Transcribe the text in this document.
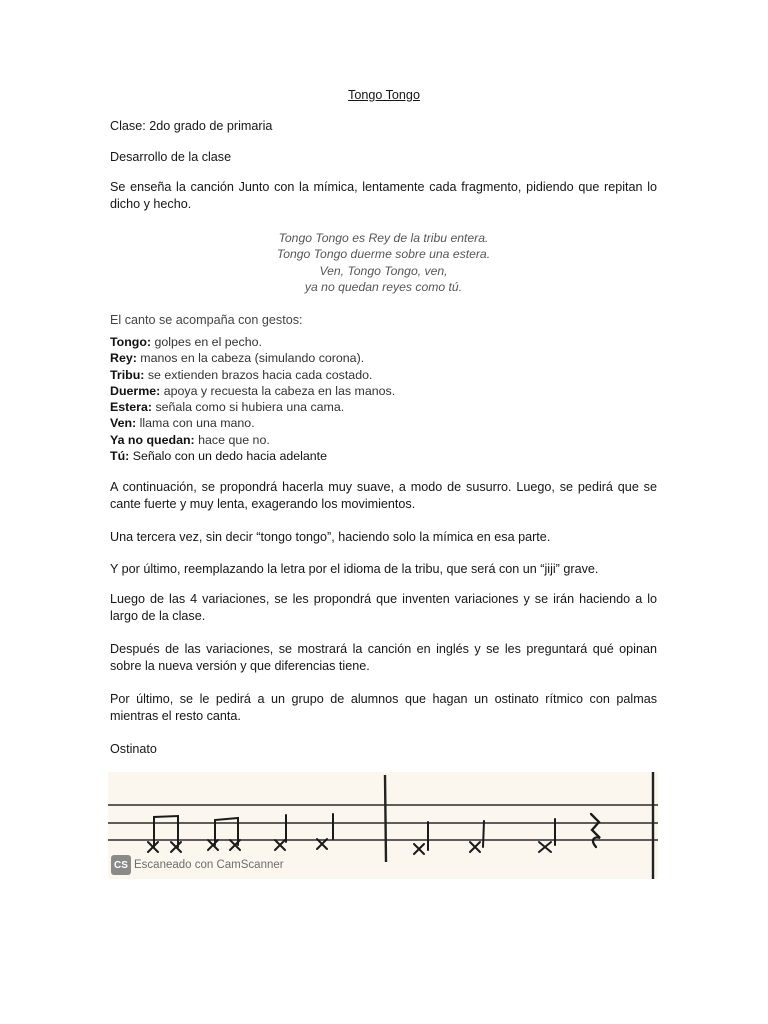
Tongo Tongo
Clase: 2do grado de primaria
Desarrollo de la clase
Se enseña la canción Junto con la mímica, lentamente cada fragmento, pidiendo que repitan lo dicho y hecho.
Tongo Tongo es Rey de la tribu entera.
Tongo Tongo duerme sobre una estera.
Ven, Tongo Tongo, ven,
ya no quedan reyes como tú.
El canto se acompaña con gestos:
Tongo: golpes en el pecho.
Rey: manos en la cabeza (simulando corona).
Tribu: se extienden brazos hacia cada costado.
Duerme: apoya y recuesta la cabeza en las manos.
Estera: señala como si hubiera una cama.
Ven: llama con una mano.
Ya no quedan: hace que no.
Tú: Señalo con un dedo hacia adelante
A continuación, se propondrá hacerla muy suave, a modo de susurro. Luego, se pedirá que se cante fuerte y muy lenta, exagerando los movimientos.
Una tercera vez, sin decir “tongo tongo”, haciendo solo la mímica en esa parte.
Y por último, reemplazando la letra por el idioma de la tribu, que será con un “jiji” grave.
Luego de las 4 variaciones, se les propondrá que inventen variaciones y se irán haciendo a lo largo de la clase.
Después de las variaciones, se mostrará la canción en inglés y se les preguntará qué opinan sobre la nueva versión y que diferencias tiene.
Por último, se le pedirá a un grupo de alumnos que hagan un ostinato rítmico con palmas mientras el resto canta.
Ostinato
CS Escaneado con CamScanner
